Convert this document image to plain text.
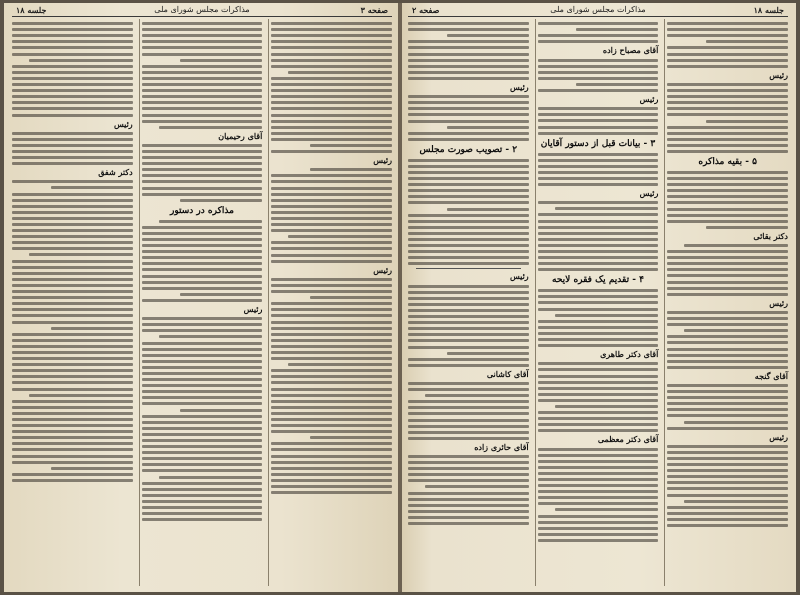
جلسه ۱۸	مذاکرات مجلس شورای ملی	صفحه ۳
رئیس
رئیس
آقای رحیمیان
مذاکره در دستور
رئیس
رئیس
دکتر شفق
صفحه ۲	مذاکرات مجلس شورای ملی	جلسه ۱۸
رئیس
۵ - بقیه مذاکره
دکتر بقائی
رئیس
آقای گنجه
رئیس
آقای مصباح زاده
رئیس
۳ - بیانات قبل از دستور آقایان
رئیس
۴ - تقدیم یک فقره لایحه
آقای دکتر طاهری
آقای دکتر معظمی
رئیس
۲ - تصویب صورت مجلس
رئیس
آقای کاشانی
آقای حائری زاده
